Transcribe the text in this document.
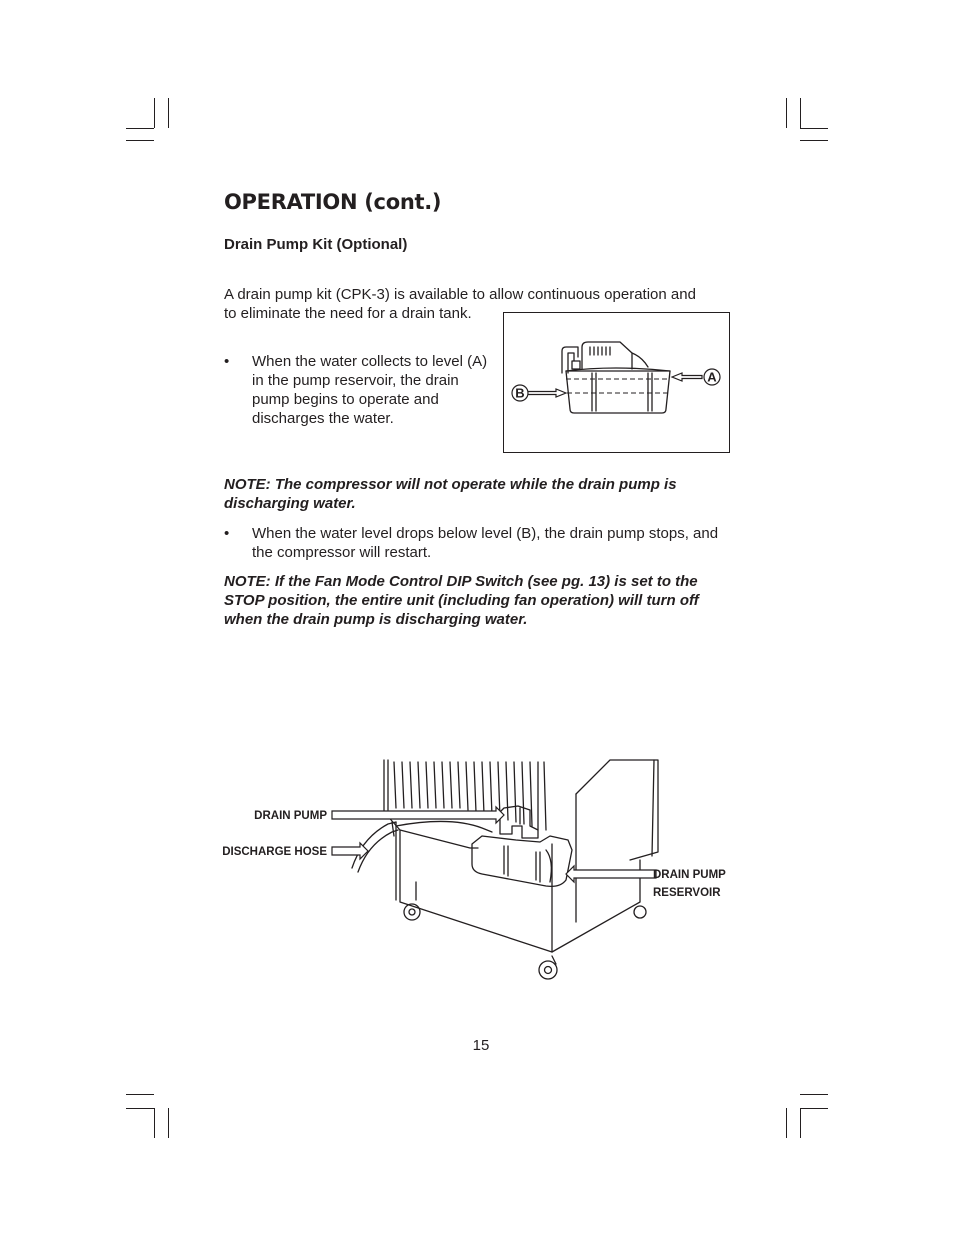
OPERATION (cont.)
Drain Pump Kit (Optional)
A drain pump kit (CPK-3) is available to allow continuous operation and
to eliminate the need for a drain tank.
• When the water collects to level (A) in the pump reservoir, the drain pump begins to operate and discharges the water.
A
B
NOTE: The compressor will not operate while the drain pump is discharging water.
• When the water level drops below level (B), the drain pump stops, and the compressor will restart.
NOTE: If the Fan Mode Control DIP Switch (see pg. 13) is set to the STOP position, the entire unit (including fan operation) will turn off when the drain pump is discharging water.
DRAIN PUMP
DISCHARGE HOSE
DRAIN PUMP
RESERVOIR
15
